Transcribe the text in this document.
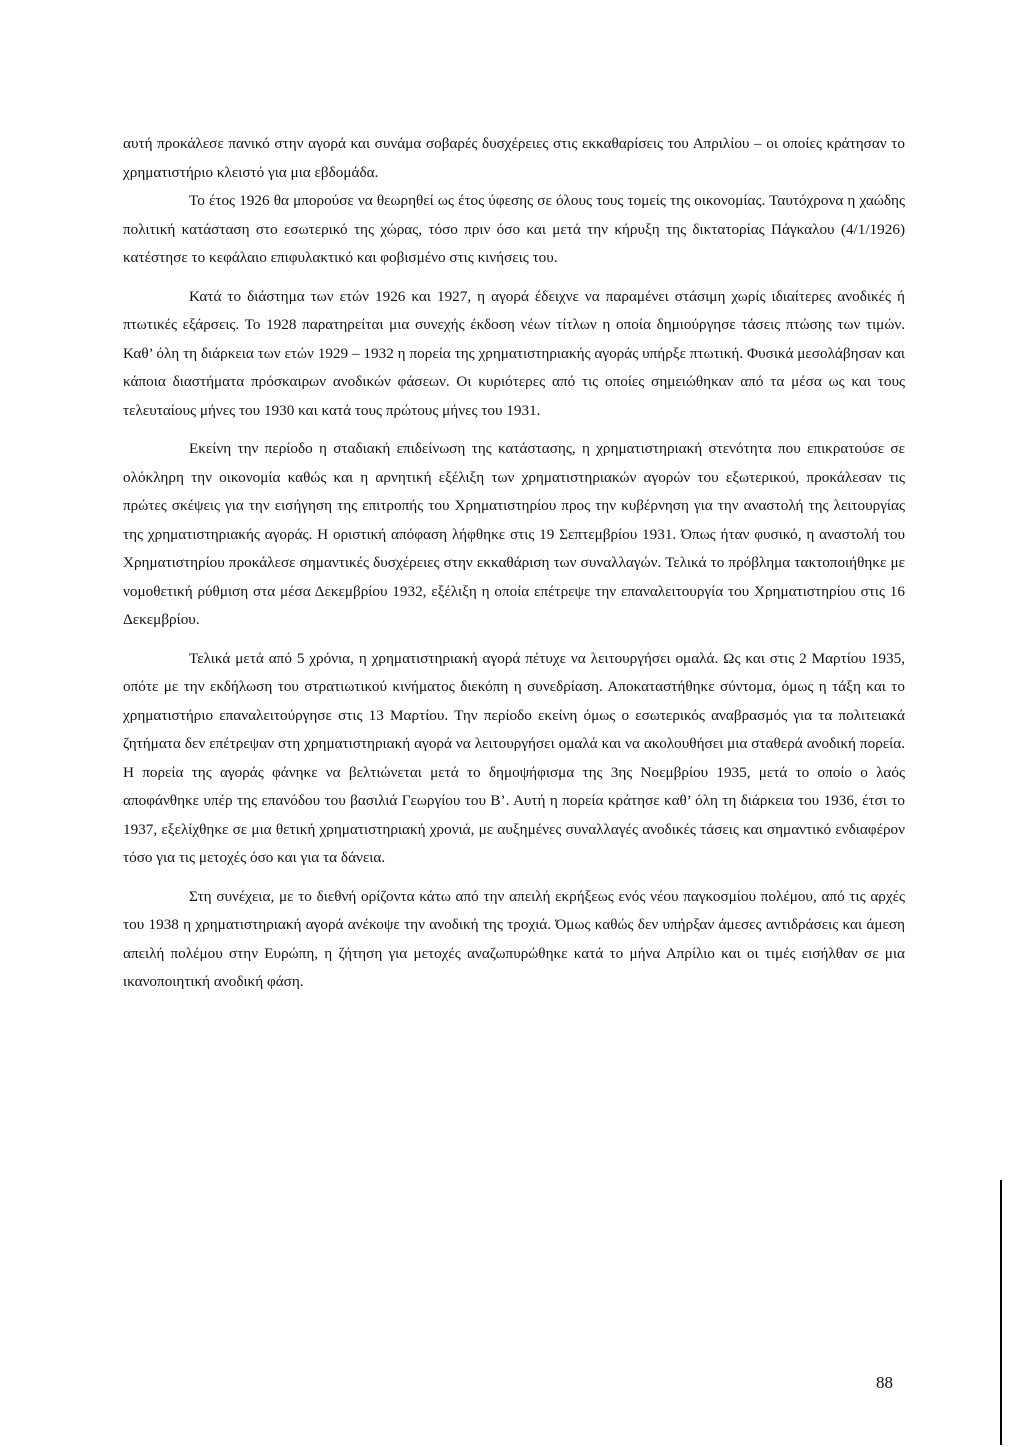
αυτή προκάλεσε πανικό στην αγορά και συνάμα σοβαρές δυσχέρειες στις εκκαθαρίσεις του Απριλίου – οι οποίες κράτησαν το χρηματιστήριο κλειστό για μια εβδομάδα.

Το έτος 1926 θα μπορούσε να θεωρηθεί ως έτος ύφεσης σε όλους τους τομείς της οικονομίας. Ταυτόχρονα η χαώδης πολιτική κατάσταση στο εσωτερικό της χώρας, τόσο πριν όσο και μετά την κήρυξη της δικτατορίας Πάγκαλου (4/1/1926) κατέστησε το κεφάλαιο επιφυλακτικό και φοβισμένο στις κινήσεις του.

Κατά το διάστημα των ετών 1926 και 1927, η αγορά έδειχνε να παραμένει στάσιμη χωρίς ιδιαίτερες ανοδικές ή πτωτικές εξάρσεις. Το 1928 παρατηρείται μια συνεχής έκδοση νέων τίτλων η οποία δημιούργησε τάσεις πτώσης των τιμών. Καθ’ όλη τη διάρκεια των ετών 1929 – 1932 η πορεία της χρηματιστηριακής αγοράς υπήρξε πτωτική. Φυσικά μεσολάβησαν και κάποια διαστήματα πρόσκαιρων ανοδικών φάσεων. Οι κυριότερες από τις οποίες σημειώθηκαν από τα μέσα ως και τους τελευταίους μήνες του 1930 και κατά τους πρώτους μήνες του 1931.

Εκείνη την περίοδο η σταδιακή επιδείνωση της κατάστασης, η χρηματιστηριακή στενότητα που επικρατούσε σε ολόκληρη την οικονομία καθώς και η αρνητική εξέλιξη των χρηματιστηριακών αγορών του εξωτερικού, προκάλεσαν τις πρώτες σκέψεις για την εισήγηση της επιτροπής του Χρηματιστηρίου προς την κυβέρνηση για την αναστολή της λειτουργίας της χρηματιστηριακής αγοράς. Η οριστική απόφαση λήφθηκε στις 19 Σεπτεμβρίου 1931. Όπως ήταν φυσικό, η αναστολή του Χρηματιστηρίου προκάλεσε σημαντικές δυσχέρειες στην εκκαθάριση των συναλλαγών. Τελικά το πρόβλημα τακτοποιήθηκε με νομοθετική ρύθμιση στα μέσα Δεκεμβρίου 1932, εξέλιξη η οποία επέτρεψε την επαναλειτουργία του Χρηματιστηρίου στις 16 Δεκεμβρίου.

Τελικά μετά από 5 χρόνια, η χρηματιστηριακή αγορά πέτυχε να λειτουργήσει ομαλά. Ως και στις 2 Μαρτίου 1935, οπότε με την εκδήλωση του στρατιωτικού κινήματος διεκόπη η συνεδρίαση. Αποκαταστήθηκε σύντομα, όμως η τάξη και το χρηματιστήριο επαναλειτούργησε στις 13 Μαρτίου. Την περίοδο εκείνη όμως ο εσωτερικός αναβρασμός για τα πολιτειακά ζητήματα δεν επέτρεψαν στη χρηματιστηριακή αγορά να λειτουργήσει ομαλά και να ακολουθήσει μια σταθερά ανοδική πορεία. Η πορεία της αγοράς φάνηκε να βελτιώνεται μετά το δημοψήφισμα της 3ης Νοεμβρίου 1935, μετά το οποίο ο λαός αποφάνθηκε υπέρ της επανόδου του βασιλιά Γεωργίου του Β’. Αυτή η πορεία κράτησε καθ’ όλη τη διάρκεια του 1936, έτσι το 1937, εξελίχθηκε σε μια θετική χρηματιστηριακή χρονιά, με αυξημένες συναλλαγές ανοδικές τάσεις και σημαντικό ενδιαφέρον τόσο για τις μετοχές όσο και για τα δάνεια.

Στη συνέχεια, με το διεθνή ορίζοντα κάτω από την απειλή εκρήξεως ενός νέου παγκοσμίου πολέμου, από τις αρχές του 1938 η χρηματιστηριακή αγορά ανέκοψε την ανοδική της τροχιά. Όμως καθώς δεν υπήρξαν άμεσες αντιδράσεις και άμεση απειλή πολέμου στην Ευρώπη, η ζήτηση για μετοχές αναζωπυρώθηκε κατά το μήνα Απρίλιο και οι τιμές εισήλθαν σε μια ικανοποιητική ανοδική φάση.

88
